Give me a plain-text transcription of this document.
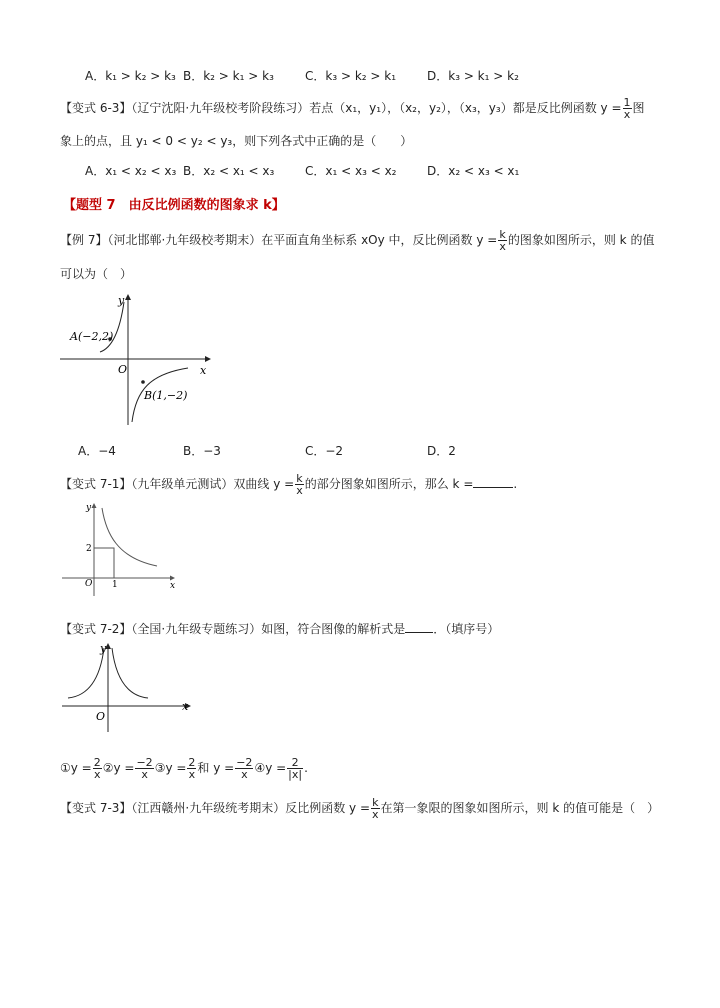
A．k₁ > k₂ > k₃ B．k₂ > k₁ > k₃	C．k₃ > k₂ > k₁	D．k₃ > k₁ > k₂
【变式 6-3】（辽宁沈阳·九年级校考阶段练习）若点（x₁，y₁），（x₂，y₂），（x₃，y₃）都是反比例函数 $y = \frac{1}{x}$ 图
象上的点，且 y₁ < 0 < y₂ < y₃，则下列各式中正确的是（　　）
A．x₁ < x₂ < x₃ B．x₂ < x₁ < x₃	C．x₁ < x₃ < x₂	D．x₂ < x₃ < x₁
【题型 7　由反比例函数的图象求 k】
【例 7】（河北邯郸·九年级校考期末）在平面直角坐标系 xOy 中，反比例函数 $y = \frac{k}{x}$ 的图象如图所示，则 k 的值
可以为（　）
y
x
O
A(−2,2)
B(1,−2)
A．−4	B．−3	C．−2	D．2
【变式 7-1】（九年级单元测试）双曲线 $y = \frac{k}{x}$ 的部分图象如图所示，那么 k =	.
y
x
O
2
1
【变式 7-2】（全国·九年级专题练习）如图，符合图像的解析式是 ．（填序号）
y
x
O
①y = $\frac{2}{x}$ ②y = $\frac{-2}{x}$ ③y = $\frac{2}{x}$ 和 $y = \frac{-2}{x}$ ④y = $\frac{2}{|x|}$ .
【变式 7-3】（江西赣州·九年级统考期末）反比例函数 $y = \frac{k}{x}$ 在第一象限的图象如图所示，则 k 的值可能是（　）
